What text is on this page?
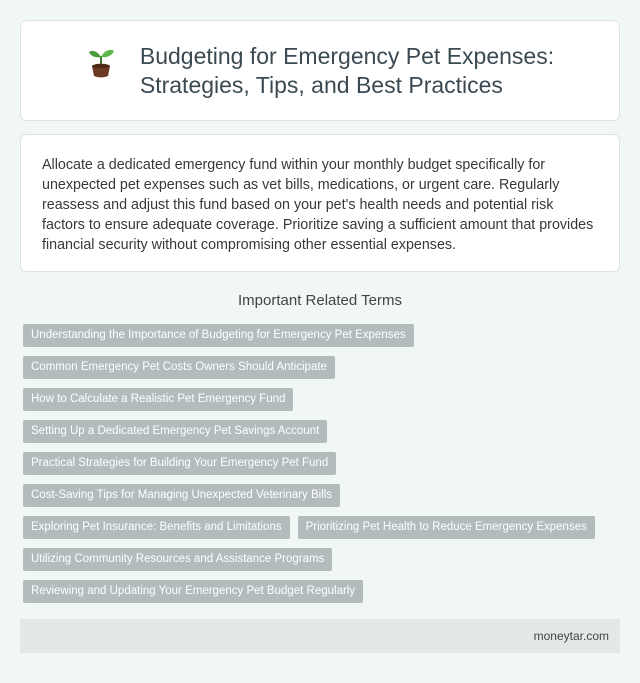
Budgeting for Emergency Pet Expenses:
Strategies, Tips, and Best Practices

Allocate a dedicated emergency fund within your monthly budget specifically for unexpected pet expenses such as vet bills, medications, or urgent care. Regularly reassess and adjust this fund based on your pet's health needs and potential risk factors to ensure adequate coverage. Prioritize saving a sufficient amount that provides financial security without compromising other essential expenses.

Important Related Terms
Understanding the Importance of Budgeting for Emergency Pet Expenses
Common Emergency Pet Costs Owners Should Anticipate
How to Calculate a Realistic Pet Emergency Fund
Setting Up a Dedicated Emergency Pet Savings Account
Practical Strategies for Building Your Emergency Pet Fund
Cost-Saving Tips for Managing Unexpected Veterinary Bills
Exploring Pet Insurance: Benefits and Limitations	Prioritizing Pet Health to Reduce Emergency Expenses
Utilizing Community Resources and Assistance Programs
Reviewing and Updating Your Emergency Pet Budget Regularly
moneytar.com
